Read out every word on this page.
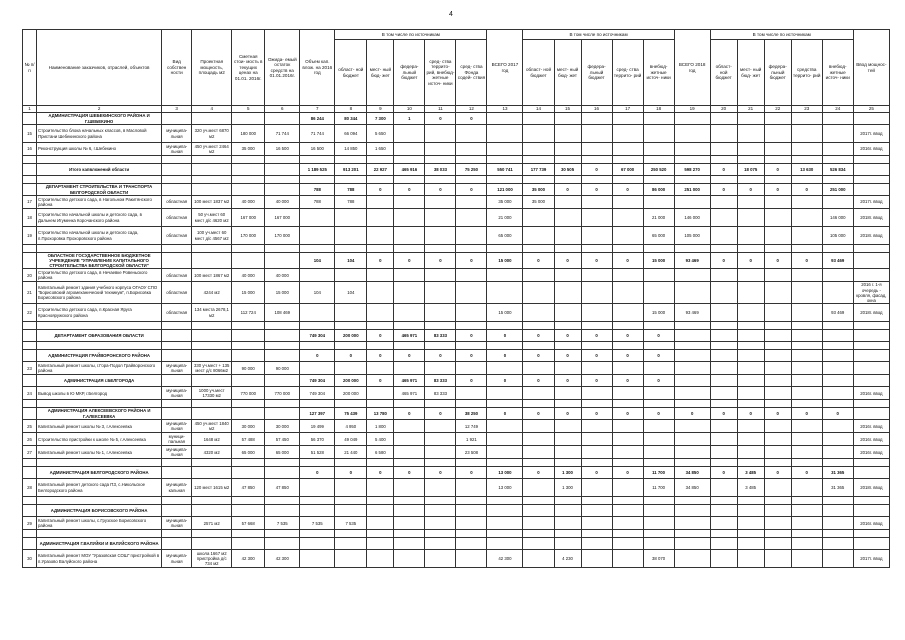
4
№ п/п	Наименование заказчиков, отраслей, объектов	Вид собствен ности	Проектная мощность, площадь м2	Сметная стои- мость в текущих ценах на 01.01. 2016г.	Ожида- емый остаток средств на 01.01.2016г.	Объем кап. влож. на 2016 год	В том числе по источникам					ВСЕГО 2017 год	В том числе по источникам					ВСЕГО 2018 год	В том числе по источникам					Ввод мощнос- тей
							област- ной бюджет	мест- ный бюд- жет	федера- льный бюджет	сред- ства террито- рий, внебюд- жетные источ- ники	сред- ства Фонда содей- ствия		област- ной бюджет	мест- ный бюд- жет	федера- льный бюджет	сред- ства террито- рий	внебюд- жетные источ- ники		област- ной бюджет	мест- ный бюд- жет	федера- льный бюджет	средства террито- рий	внебюд- жетные источ- ники	
1	2	3	4	5	6	7	8	9	10	11	12	13	14	15	16	17	18	19	20	21	22	23	24	25
	АДМИНИСТРАЦИЯ ШЕБЕКИНСКОГО РАЙОНА И Г.ШЕБЕКИНО					86 244	80 344	7 300	1	0	0													
15	Строительство блока начальных классов, в Масловой Пристани Шебекинского района	муниципа- льная	320 уч.мест 6870 м2	180 000	71 744	71 744	66 094	5 650																2017г. ввод
16	Реконструкция школы № 6, г.Шебекино	муниципа- льная	450 уч.мест 2464 м2	35 000	16 500	16 500	14 850	1 650																2016г. ввод

	Итого капвложений области					1 189 525	913 201	22 927	465 916	38 033	75 250	550 741	177 739	30 505	0	67 000	250 520	598 270	0	18 075	0	13 630	526 834	

	ДЕПАРТАМЕНТ СТРОИТЕЛЬСТВА И ТРАНСПОРТА БЕЛГОРОДСКОЙ ОБЛАСТИ					788	788	0	0	0	0	121 000	35 000	0	0	0	86 000	251 000	0	0	0	0	251 000	
17	Строительство детского сада, в Нагольном Ракитянского района	областная	100 мест 1837 м2	40 000	40 000	788	788					35 000	35 000											2017г. ввод
18	Строительство начальной школы и детского сада, в Дальнем Игуменка Корочанского района	областная	50 уч.мест 60 мест д/с 4620 м2	167 000	167 000							21 000					21 000	146 000					146 000	2018г. ввод
19	Строительство начальной школы и детского сада, п.Прохоровка Прохоровского района	областная	100 уч.мест 60 мест д/с 4567 м2	170 000	170 000							65 000					65 000	105 000					105 000	2018г. ввод

	ОБЛАСТНОЕ ГОСУДАРСТВЕННОЕ БЮДЖЕТНОЕ УЧРЕЖДЕНИЕ "УПРАВЛЕНИЕ КАПИТАЛЬНОГО СТРОИТЕЛЬСТВА БЕЛГОРОДСКОЙ ОБЛАСТИ"					104	104	0	0	0	0	15 000	0	0	0	0	15 000	93 469	0	0	0	0	93 469	
20	Строительство детского сада, в Нечаевке Ровеньского района	областная	100 мест 1867 м2	40 000	40 000																			
21	Капитальный ремонт здания учебного корпуса ОГАОУ СПО "Борисовский агромеханический техникум", п.Борисовка Борисовского района	областная	4244 м2	15 000	15 000	104	104																	2016 г. 1-я очередь - кровля, фасад, окна
22	Строительство детского сада, п.Красная Яруга Краснояружского района	областная	134 места 2678,1 м2	112 724	108 469							15 000					15 000	93 469					93 469	2018г. ввод

	ДЕПАРТАМЕНТ ОБРАЗОВАНИЯ ОБЛАСТИ					749 304	200 000	0	465 971	83 333	0	0	0	0	0	0	0							

	АДМИНИСТРАЦИЯ ГРАЙВОРОНСКОГО РАЙОНА					0	0	0	0	0	0	0	0	0	0	0	0							
23	Капитальный ремонт школы, г.Гора-Подол Грайворонского района	муниципа- льная	330 уч.мест + 135 мест д/с 8066м2	90 000	90 000																			
	АДМИНИСТРАЦИЯ г.БЕЛГОРОДА					749 304	200 000	0	465 971	83 333	0	0	0	0	0	0	0							
24	Вывод школы в Ю МКР, г.Белгород	муниципа- льная	1000 уч.мест 17330 м2	770 000	770 000	749 304	200 000		465 971	83 333														2016г. ввод

	АДМИНИСТРАЦИЯ АЛЕКСЕЕВСКОГО РАЙОНА И Г.АЛЕКСЕЕВКА					127 397	75 439	13 780	0	0	38 250	0	0	0	0	0	0	0	0	0	0	0	0	
25	Капитальный ремонт школы № 3, г.Алексеевка	муниципа- льная	450 уч.мест 1840 м2	30 000	30 000	19 499	4 950	1 800			12 749													2016г. ввод
26	Строительство пристройки к школе № 5, г.Алексеевка	муници- пальная	1648 м2	57 488	57 450	56 370	49 049	5 400			1 921													2016г. ввод
27	Капитальный ремонт школы № 1, г.Алексеевка	муниципа- льная	4320 м2	65 000	65 000	51 528	21 440	6 580			23 508													2016г. ввод

	АДМИНИСТРАЦИЯ БЕЛГОРОДСКОГО РАЙОНА					0	0	0	0	0	0	13 000	0	1 300	0	0	11 700	34 850	0	3 485	0	0	31 365	
28	Капитальный ремонт детского сада ПЗ, с.Никольское Белгородского района	муниципа- кальная	120 мест 1615 м2	47 850	47 850							13 000		1 300			11 700	34 850		3 485			31 365	2018г. ввод

	АДМИНИСТРАЦИЯ БОРИСОВСКОГО РАЙОНА																							
29	Капитальный ремонт школы, с.Грузское Борисовского района	муниципа- льная	2571 м2	57 668	7 535	7 535	7 535																	2016г. ввод

	АДМИНИСТРАЦИЯ Г.ВАЛУЙКИ И ВАЛУЙСКОГО РАЙОНА																							
30	Капитальный ремонт МОУ "Уразовская СОШ" пристройкой в п.Уразово Валуйского района	муниципа- льная	школа 1667 м2 пристройка д/с 734 м2	42 300	42 300							42 300		4 230			38 070							2017г. ввод
